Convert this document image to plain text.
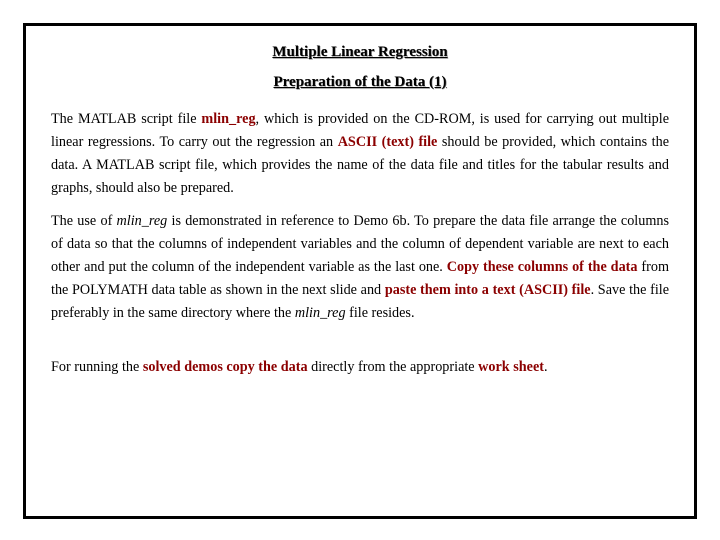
Multiple Linear Regression
Preparation of the Data (1)

The MATLAB script file mlin_reg, which is provided on the CD-ROM, is used for carrying out multiple linear regressions. To carry out the regression an ASCII (text) file should be provided, which contains the data. A MATLAB script file, which provides the name of the data file and titles for the tabular results and graphs, should also be prepared.

The use of mlin_reg is demonstrated in reference to Demo 6b. To prepare the data file arrange the columns of data so that the columns of independent variables and the column of dependent variable are next to each other and put the column of the independent variable as the last one. Copy these columns of the data from the POLYMATH data table as shown in the next slide and paste them into a text (ASCII) file. Save the file preferably in the same directory where the mlin_reg file resides.

For running the solved demos copy the data directly from the appropriate work sheet.
